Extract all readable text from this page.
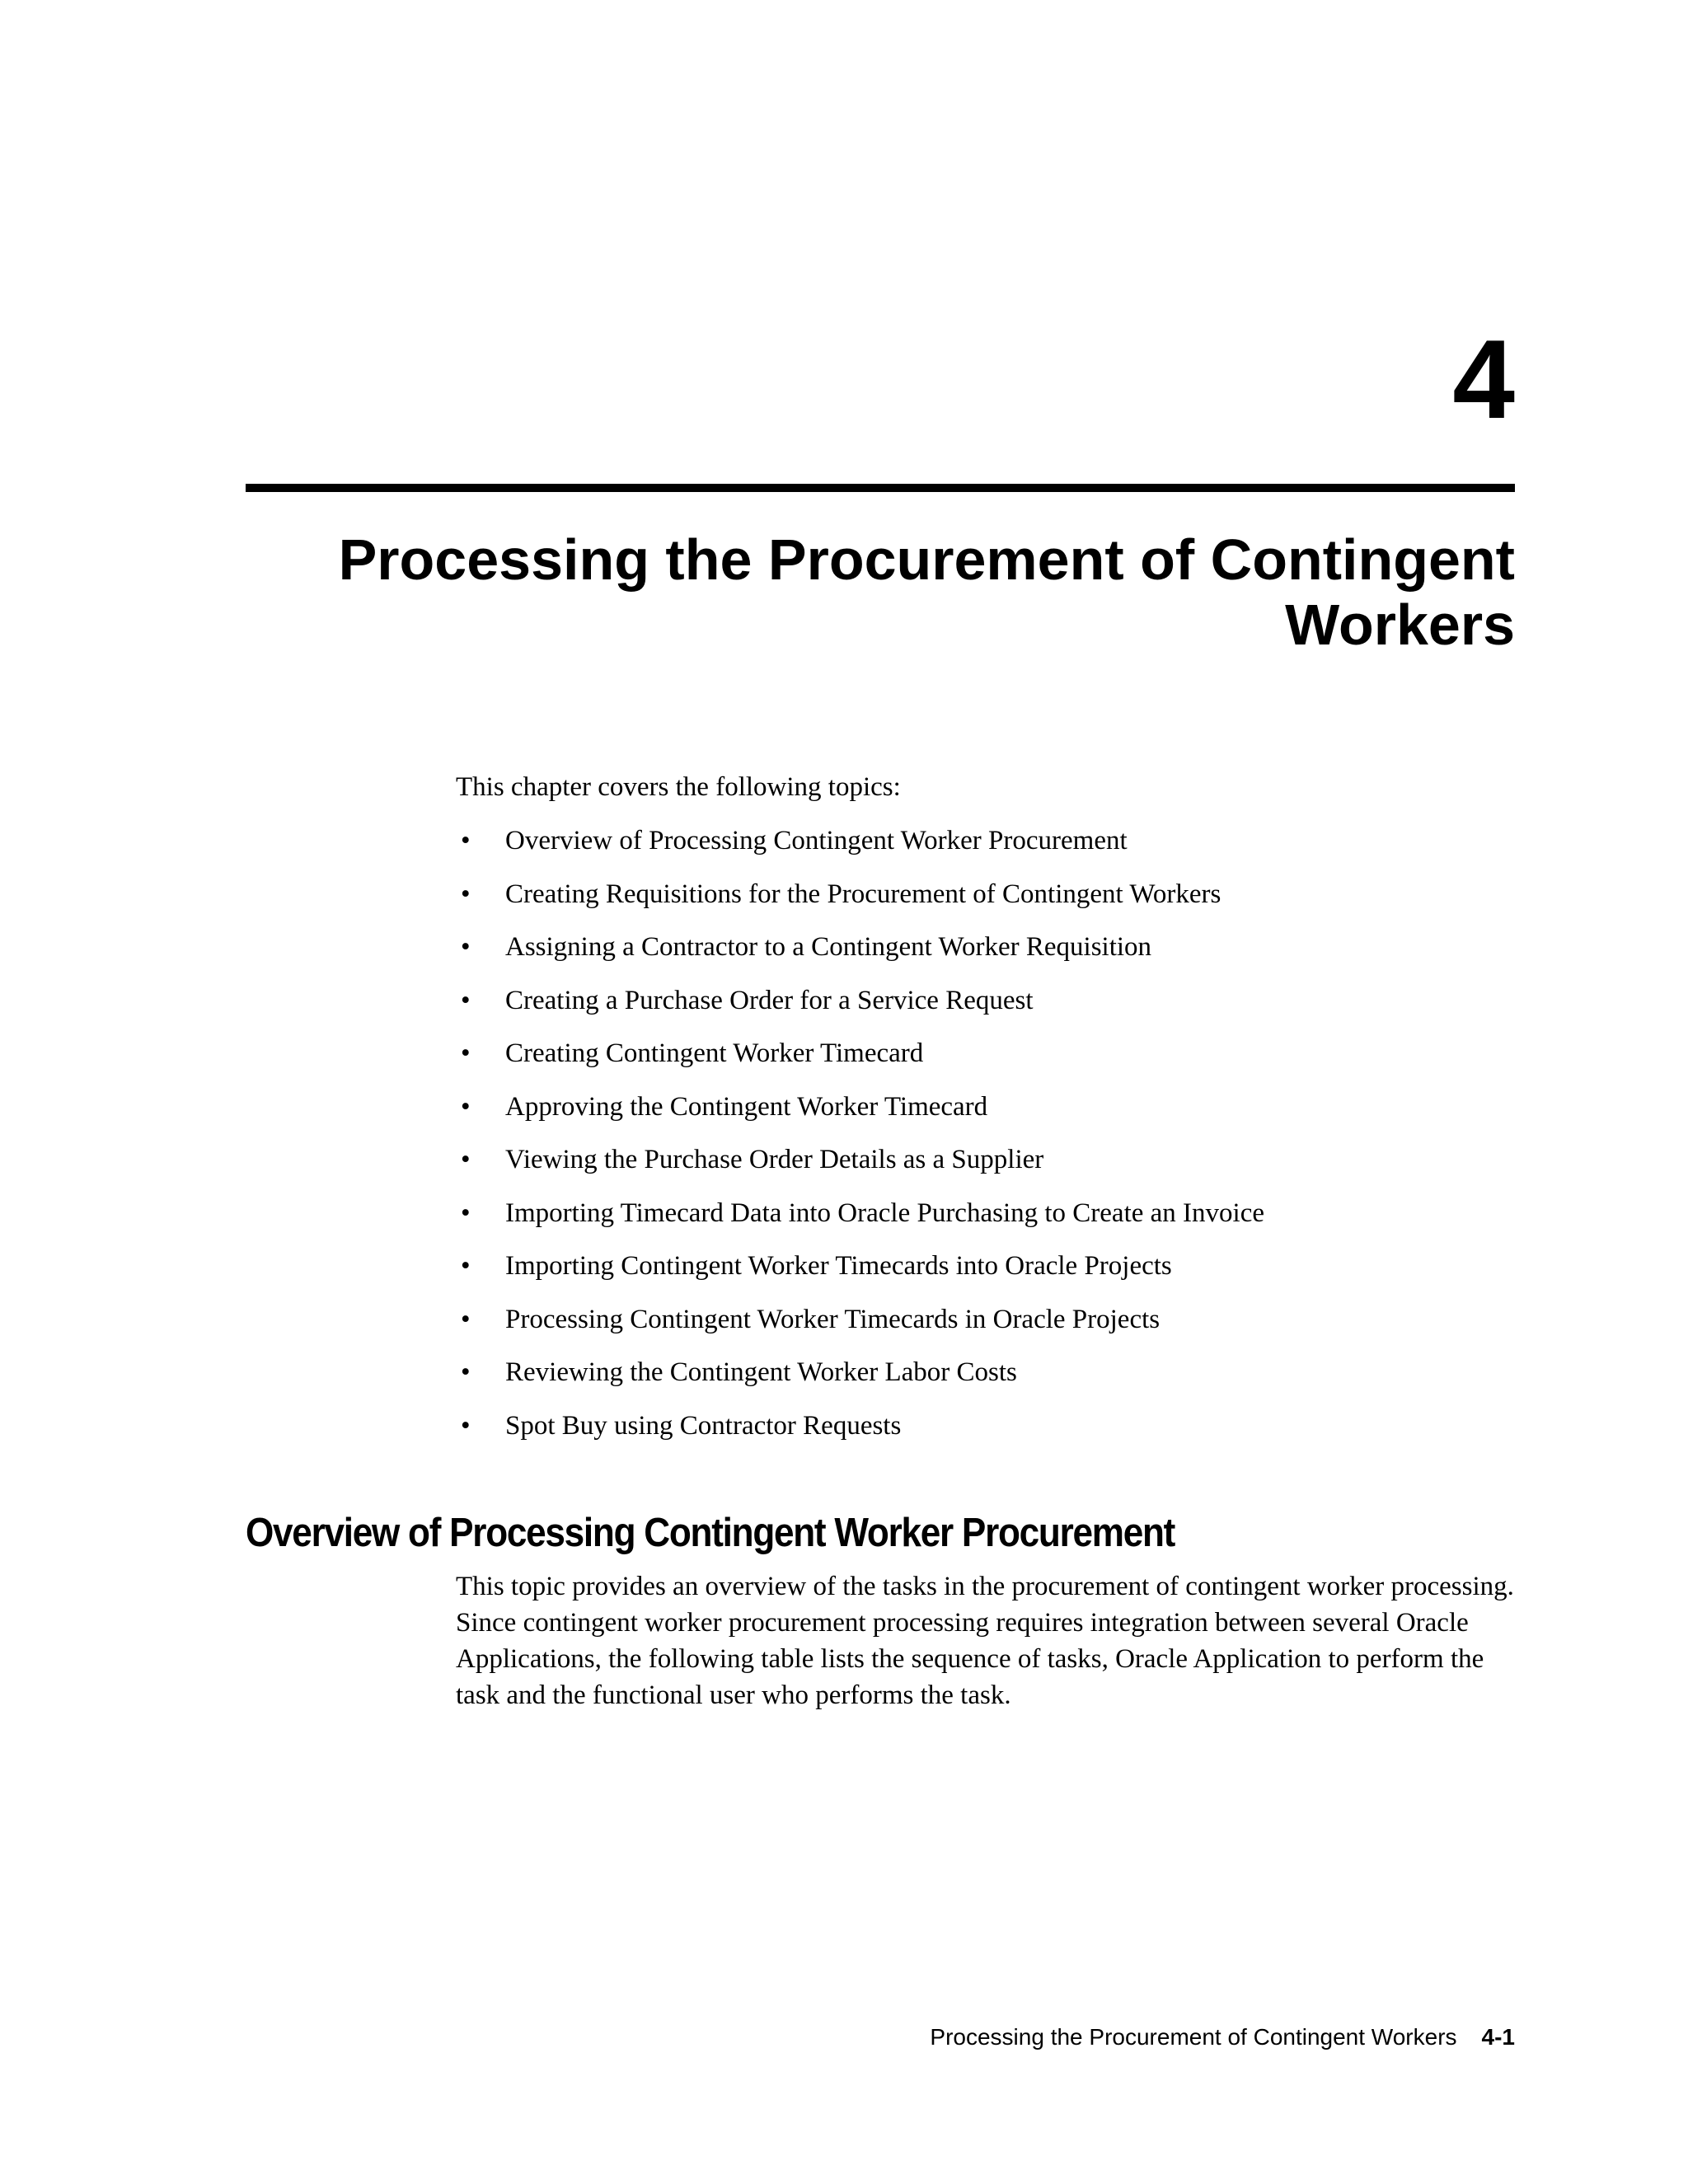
4
Processing the Procurement of Contingent Workers

This chapter covers the following topics:

• Overview of Processing Contingent Worker Procurement
• Creating Requisitions for the Procurement of Contingent Workers
• Assigning a Contractor to a Contingent Worker Requisition
• Creating a Purchase Order for a Service Request
• Creating Contingent Worker Timecard
• Approving the Contingent Worker Timecard
• Viewing the Purchase Order Details as a Supplier
• Importing Timecard Data into Oracle Purchasing to Create an Invoice
• Importing Contingent Worker Timecards into Oracle Projects
• Processing Contingent Worker Timecards in Oracle Projects
• Reviewing the Contingent Worker Labor Costs
• Spot Buy using Contractor Requests
Overview of Processing Contingent Worker Procurement

This topic provides an overview of the tasks in the procurement of contingent worker processing. Since contingent worker procurement processing requires integration between several Oracle Applications, the following table lists the sequence of tasks, Oracle Application to perform the task and the functional user who performs the task.

Processing the Procurement of Contingent Workers 4-1
